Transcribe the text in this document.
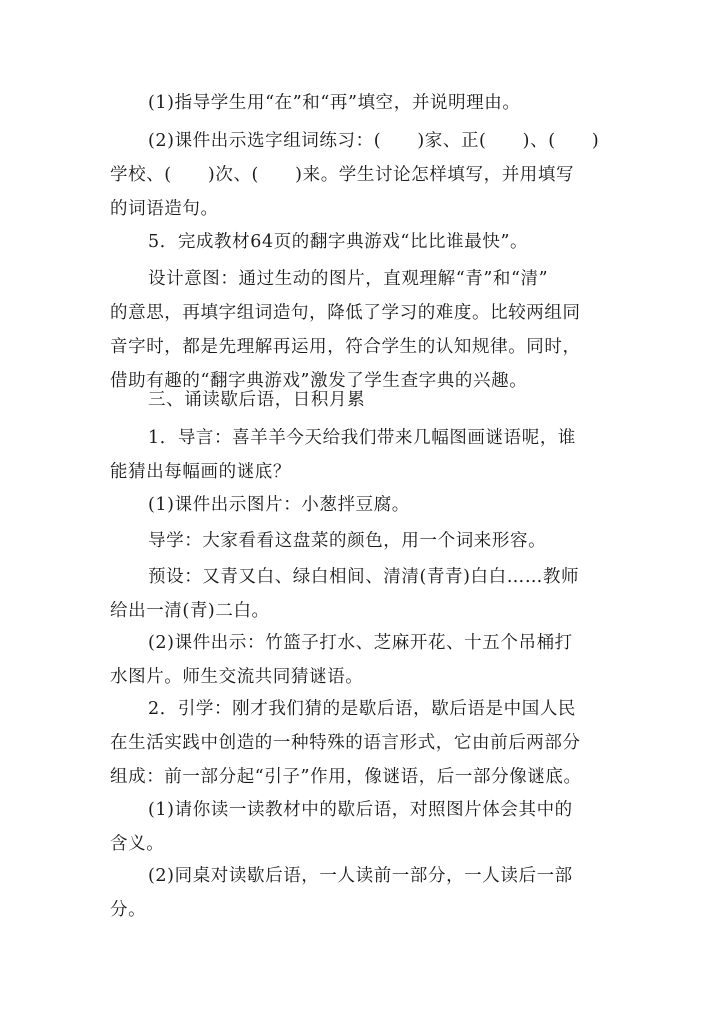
(1)指导学生用“在”和“再”填空，并说明理由。

(2)课件出示选字组词练习：(　　)家、正(　　)、(　　)
学校、(　　)次、(　　)来。学生讨论怎样填写，并用填写
的词语造句。

5．完成教材64页的翻字典游戏“比比谁最快”。

设计意图：通过生动的图片，直观理解“青”和“清”
的意思，再填字组词造句，降低了学习的难度。比较两组同
音字时，都是先理解再运用，符合学生的认知规律。同时，
借助有趣的“翻字典游戏”激发了学生查字典的兴趣。

三、诵读歇后语，日积月累

1．导言：喜羊羊今天给我们带来几幅图画谜语呢，谁
能猜出每幅画的谜底？

(1)课件出示图片：小葱拌豆腐。

导学：大家看看这盘菜的颜色，用一个词来形容。

预设：又青又白、绿白相间、清清(青青)白白……教师
给出一清(青)二白。

(2)课件出示：竹篮子打水、芝麻开花、十五个吊桶打
水图片。师生交流共同猜谜语。

2．引学：刚才我们猜的是歇后语，歇后语是中国人民
在生活实践中创造的一种特殊的语言形式，它由前后两部分
组成：前一部分起“引子”作用，像谜语，后一部分像谜底。

(1)请你读一读教材中的歇后语，对照图片体会其中的
含义。

(2)同桌对读歇后语，一人读前一部分，一人读后一部
分。
